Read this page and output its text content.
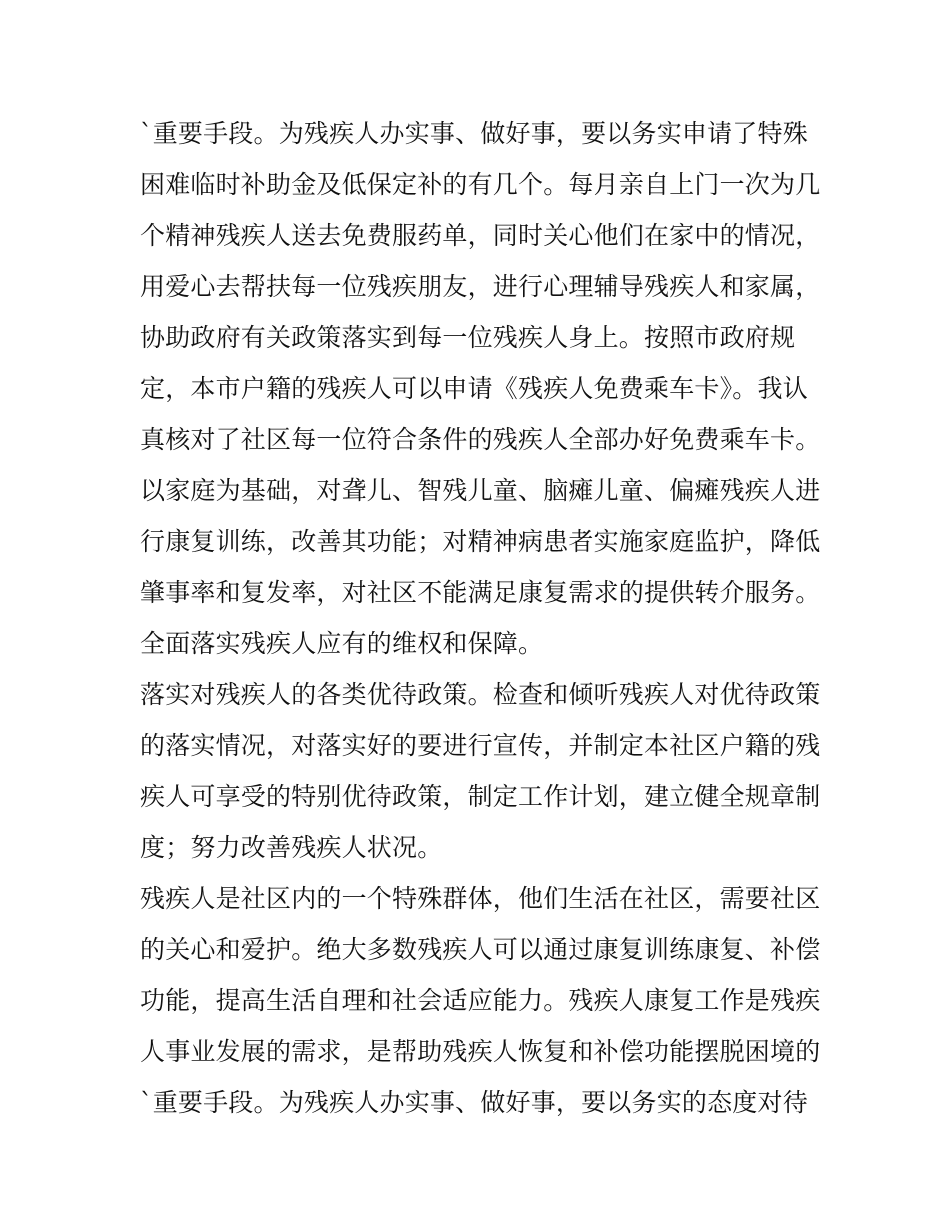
`重要手段。为残疾人办实事、做好事，要以务实申请了特殊
困难临时补助金及低保定补的有几个。每月亲自上门一次为几
个精神残疾人送去免费服药单，同时关心他们在家中的情况，
用爱心去帮扶每一位残疾朋友，进行心理辅导残疾人和家属，
协助政府有关政策落实到每一位残疾人身上。按照市政府规
定，本市户籍的残疾人可以申请《残疾人免费乘车卡》。我认
真核对了社区每一位符合条件的残疾人全部办好免费乘车卡。
以家庭为基础，对聋儿、智残儿童、脑瘫儿童、偏瘫残疾人进
行康复训练，改善其功能；对精神病患者实施家庭监护，降低
肇事率和复发率，对社区不能满足康复需求的提供转介服务。
全面落实残疾人应有的维权和保障。
落实对残疾人的各类优待政策。检查和倾听残疾人对优待政策
的落实情况，对落实好的要进行宣传，并制定本社区户籍的残
疾人可享受的特别优待政策，制定工作计划，建立健全规章制
度；努力改善残疾人状况。
残疾人是社区内的一个特殊群体，他们生活在社区，需要社区
的关心和爱护。绝大多数残疾人可以通过康复训练康复、补偿
功能，提高生活自理和社会适应能力。残疾人康复工作是残疾
人事业发展的需求，是帮助残疾人恢复和补偿功能摆脱困境的
`重要手段。为残疾人办实事、做好事，要以务实的态度对待
